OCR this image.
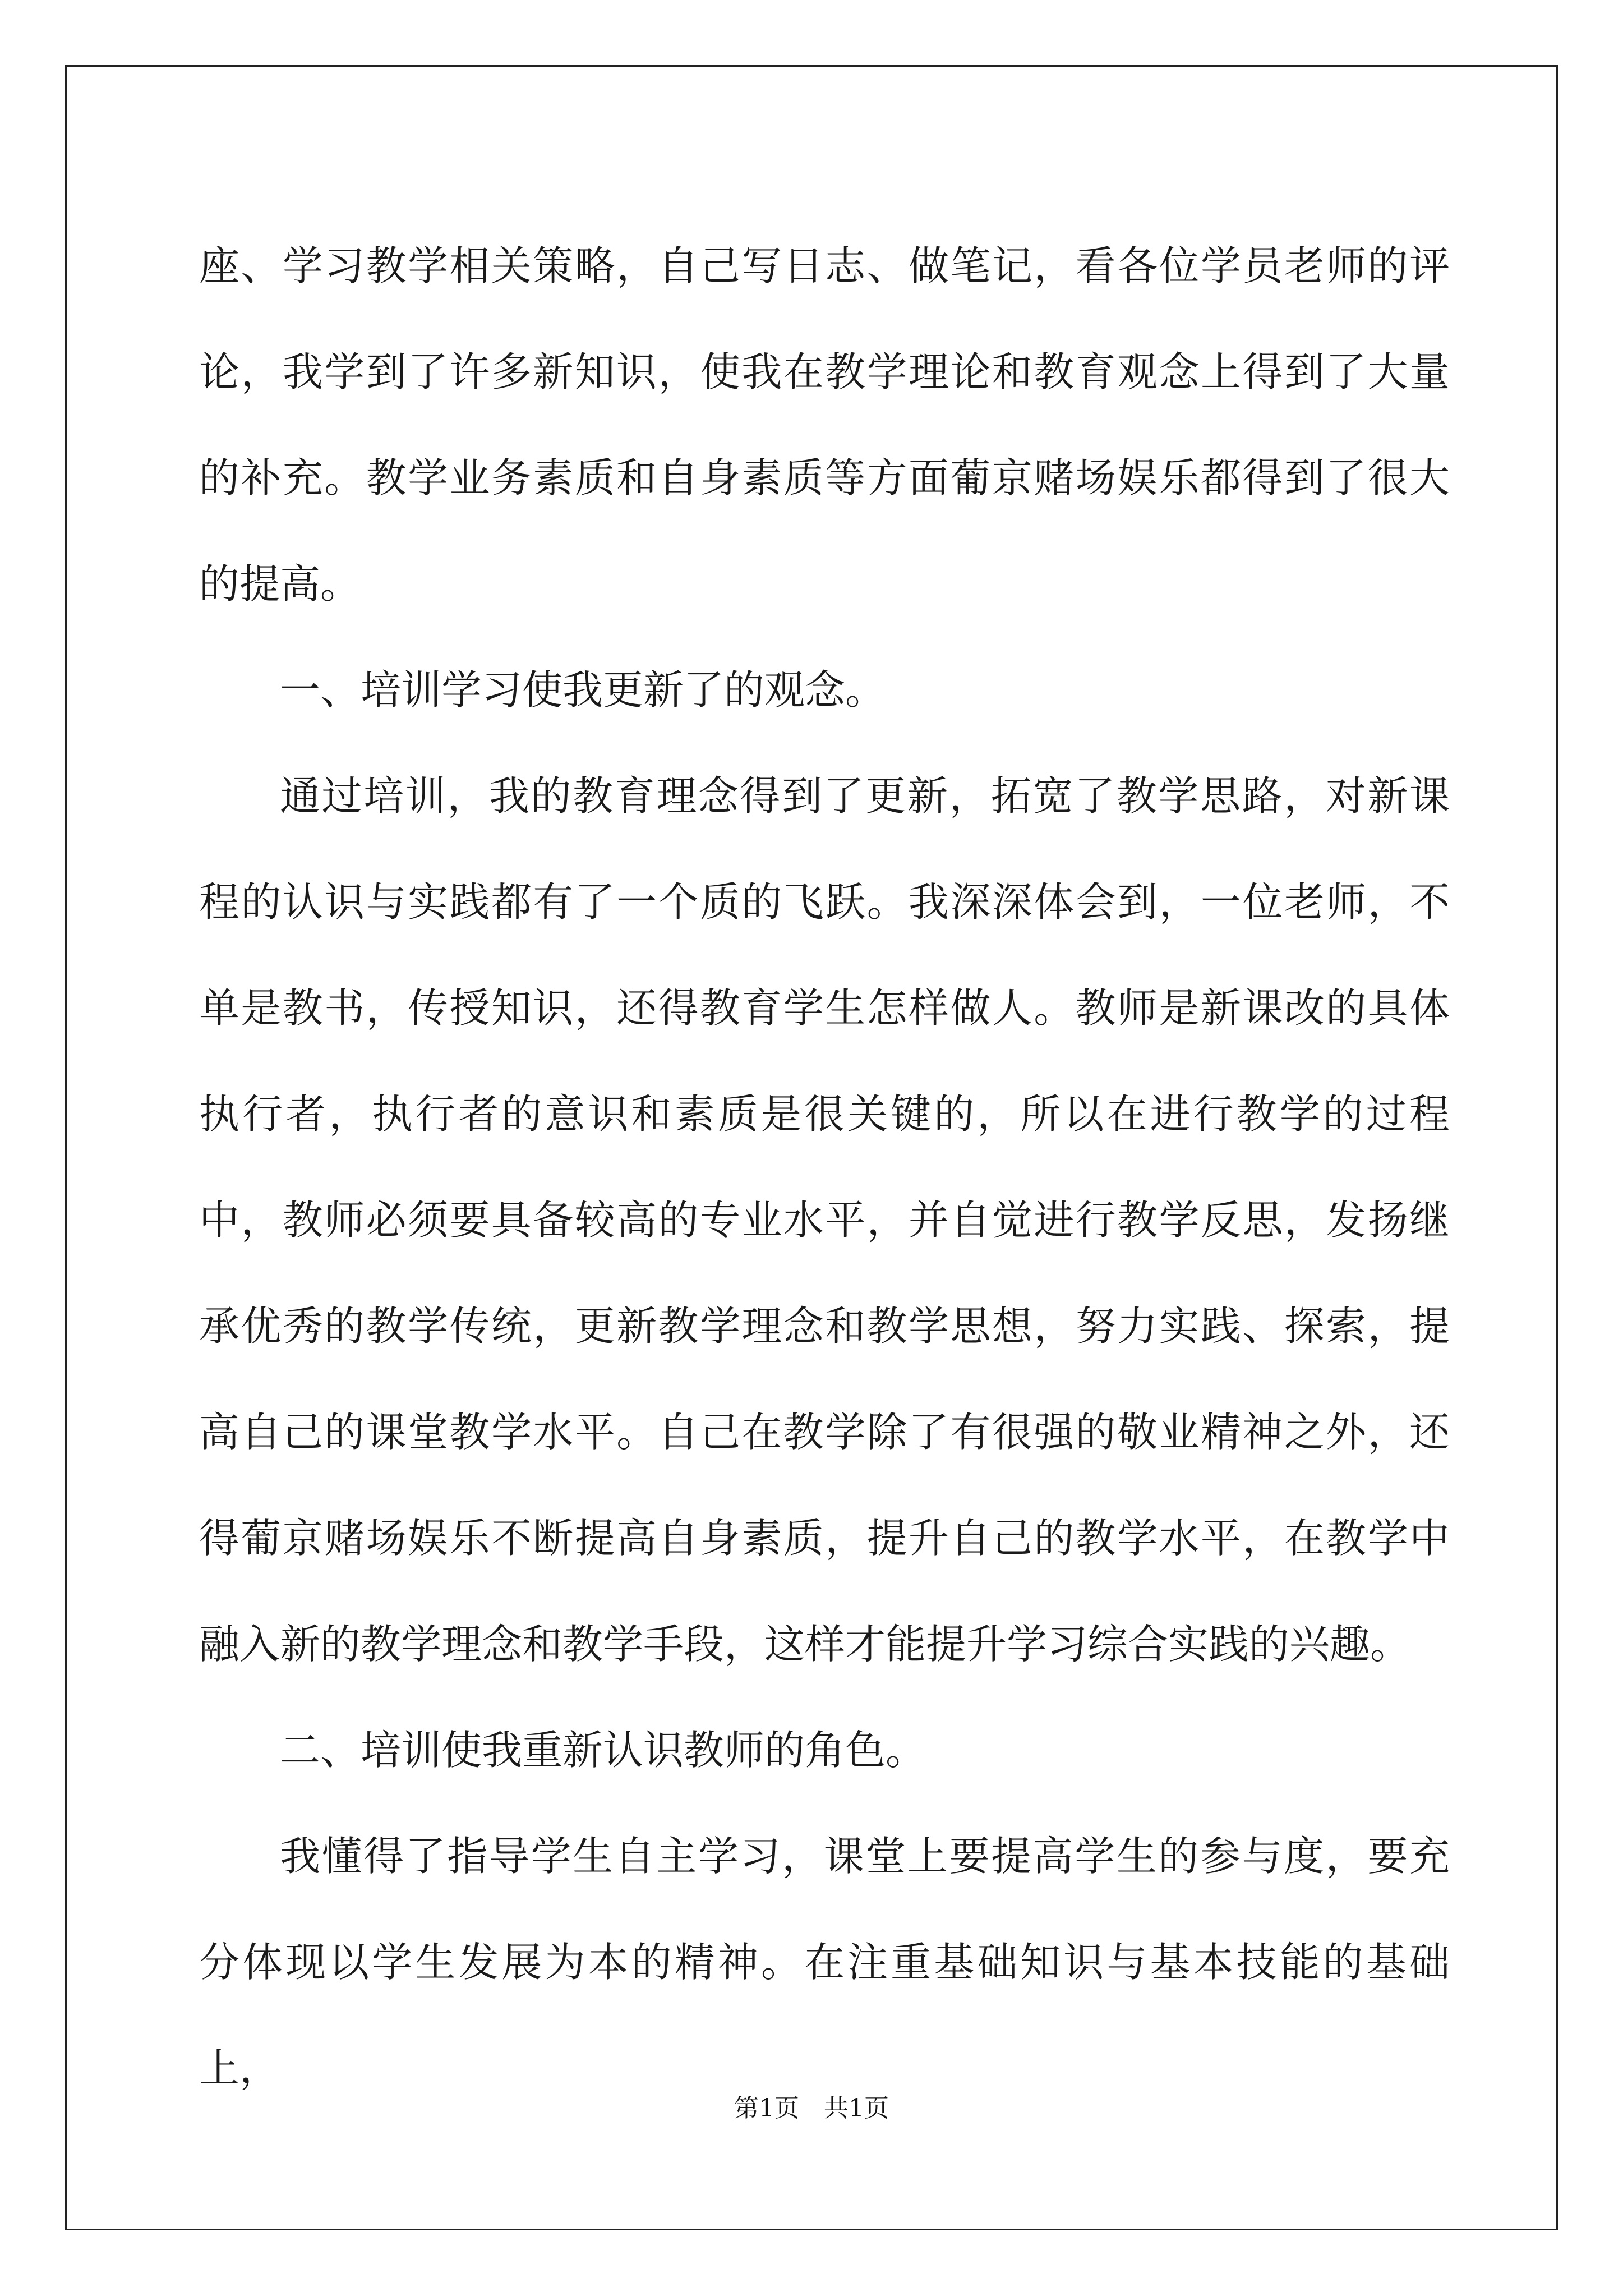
座、学习教学相关策略，自己写日志、做笔记，看各位学员老师的评论，我学到了许多新知识，使我在教学理论和教育观念上得到了大量的补充。教学业务素质和自身素质等方面葡京赌场娱乐都得到了很大的提高。

一、培训学习使我更新了的观念。

通过培训，我的教育理念得到了更新，拓宽了教学思路，对新课程的认识与实践都有了一个质的飞跃。我深深体会到，一位老师，不单是教书，传授知识，还得教育学生怎样做人。教师是新课改的具体执行者，执行者的意识和素质是很关键的，所以在进行教学的过程中，教师必须要具备较高的专业水平，并自觉进行教学反思，发扬继承优秀的教学传统，更新教学理念和教学思想，努力实践、探索，提高自己的课堂教学水平。自己在教学除了有很强的敬业精神之外，还得葡京赌场娱乐不断提高自身素质，提升自己的教学水平，在教学中融入新的教学理念和教学手段，这样才能提升学习综合实践的兴趣。

二、培训使我重新认识教师的角色。

我懂得了指导学生自主学习，课堂上要提高学生的参与度，要充分体现以学生发展为本的精神。在注重基础知识与基本技能的基础上，

第1页　共1页
